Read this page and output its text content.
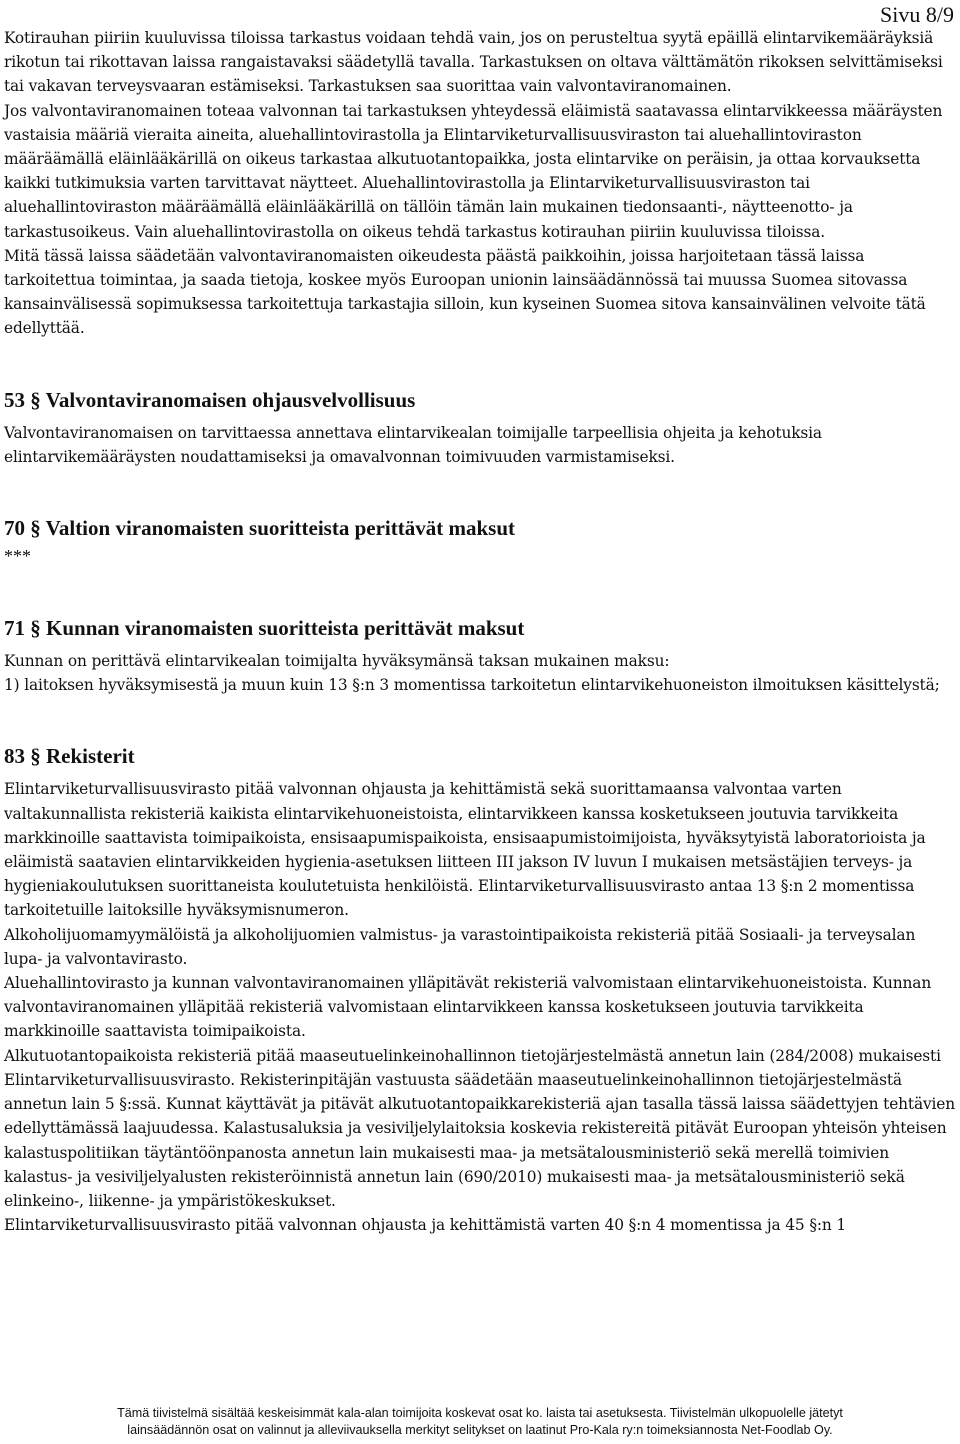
Sivu 8/9

Kotirauhan piiriin kuuluvissa tiloissa tarkastus voidaan tehdä vain, jos on perusteltua syytä epäillä elintarvikemääräyksiä rikotun tai rikottavan laissa rangaistavaksi säädetyllä tavalla. Tarkastuksen on oltava välttämätön rikoksen selvittämiseksi tai vakavan terveysvaaran estämiseksi. Tarkastuksen saa suorittaa vain valvontaviranomainen.

Jos valvontaviranomainen toteaa valvonnan tai tarkastuksen yhteydessä eläimistä saatavassa elintarvikkeessa määräysten vastaisia määriä vieraita aineita, aluehallintovirastolla ja Elintarviketurvallisuusviraston tai aluehallintoviraston määräämällä eläinlääkärillä on oikeus tarkastaa alkutuotantopaikka, josta elintarvike on peräisin, ja ottaa korvauksetta kaikki tutkimuksia varten tarvittavat näytteet. Aluehallintovirastolla ja Elintarviketurvallisuusviraston tai aluehallintoviraston määräämällä eläinlääkärillä on tällöin tämän lain mukainen tiedonsaanti-, näytteenotto- ja tarkastusoikeus. Vain aluehallintovirastolla on oikeus tehdä tarkastus kotirauhan piiriin kuuluvissa tiloissa.

Mitä tässä laissa säädetään valvontaviranomaisten oikeudesta päästä paikkoihin, joissa harjoitetaan tässä laissa tarkoitettua toimintaa, ja saada tietoja, koskee myös Euroopan unionin lainsäädännössä tai muussa Suomea sitovassa kansainvälisessä sopimuksessa tarkoitettuja tarkastajia silloin, kun kyseinen Suomea sitova kansainvälinen velvoite tätä edellyttää.

53 § Valvontaviranomaisen ohjausvelvollisuus

Valvontaviranomaisen on tarvittaessa annettava elintarvikealan toimijalle tarpeellisia ohjeita ja kehotuksia elintarvikemääräysten noudattamiseksi ja omavalvonnan toimivuuden varmistamiseksi.

70 § Valtion viranomaisten suoritteista perittävät maksut

***

71 § Kunnan viranomaisten suoritteista perittävät maksut

Kunnan on perittävä elintarvikealan toimijalta hyväksymänsä taksan mukainen maksu:

1) laitoksen hyväksymisestä ja muun kuin 13 §:n 3 momentissa tarkoitetun elintarvikehuoneiston ilmoituksen käsittelystä;

83 § Rekisterit

Elintarviketurvallisuusvirasto pitää valvonnan ohjausta ja kehittämistä sekä suorittamaansa valvontaa varten valtakunnallista rekisteriä kaikista elintarvikehuoneistoista, elintarvikkeen kanssa kosketukseen joutuvia tarvikkeita markkinoille saattavista toimipaikoista, ensisaapumispaikoista, ensisaapumistoimijoista, hyväksytyistä laboratorioista ja eläimistä saatavien elintarvikkeiden hygienia-asetuksen liitteen III jakson IV luvun I mukaisen metsästäjien terveys- ja hygieniakoulutuksen suorittaneista koulutetuista henkilöistä. Elintarviketurvallisuusvirasto antaa 13 §:n 2 momentissa tarkoitetuille laitoksille hyväksymisnumeron.

Alkoholijuomamyymälöistä ja alkoholijuomien valmistus- ja varastointipaikoista rekisteriä pitää Sosiaali- ja terveysalan lupa- ja valvontavirasto.

Aluehallintovirasto ja kunnan valvontaviranomainen ylläpitävät rekisteriä valvomistaan elintarvikehuoneistoista. Kunnan valvontaviranomainen ylläpitää rekisteriä valvomistaan elintarvikkeen kanssa kosketukseen joutuvia tarvikkeita markkinoille saattavista toimipaikoista.

Alkutuotantopaikoista rekisteriä pitää maaseutuelinkeinohallinnon tietojärjestelmästä annetun lain (284/2008) mukaisesti Elintarviketurvallisuusvirasto. Rekisterinpitäjän vastuusta säädetään maaseutuelinkeinohallinnon tietojärjestelmästä annetun lain 5 §:ssä. Kunnat käyttävät ja pitävät alkutuotantopaikkarekisteriä ajan tasalla tässä laissa säädettyjen tehtävien edellyttämässä laajuudessa. Kalastusaluksia ja vesiviljelylaitoksia koskevia rekistereitä pitävät Euroopan yhteisön yhteisen kalastuspolitiikan täytäntöönpanosta annetun lain mukaisesti maa- ja metsätalousministeriö sekä merellä toimivien kalastus- ja vesiviljelyalusten rekisteröinnistä annetun lain (690/2010) mukaisesti maa- ja metsätalousministeriö sekä elinkeino-, liikenne- ja ympäristökeskukset.

Elintarviketurvallisuusvirasto pitää valvonnan ohjausta ja kehittämistä varten 40 §:n 4 momentissa ja 45 §:n 1

Tämä tiivistelmä sisältää keskeisimmät kala-alan toimijoita koskevat osat ko. laista tai asetuksesta. Tiivistelmän ulkopuolelle jätetyt
lainsäädännön osat on valinnut ja alleviivauksella merkityt selitykset on laatinut Pro-Kala ry:n toimeksiannosta Net-Foodlab Oy.
